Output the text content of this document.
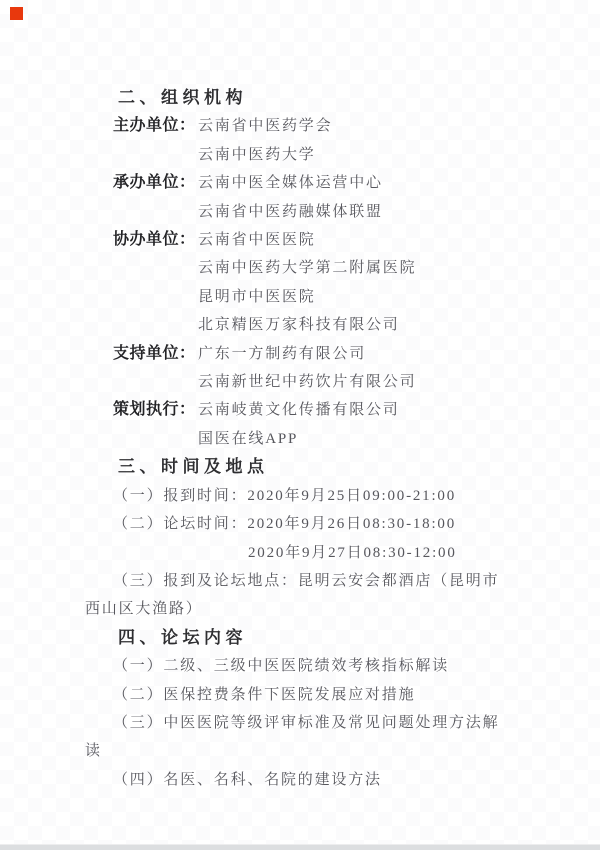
二、组织机构
主办单位： 云南省中医药学会
云南中医药大学
承办单位： 云南中医全媒体运营中心
云南省中医药融媒体联盟
协办单位： 云南省中医医院
云南中医药大学第二附属医院
昆明市中医医院
北京精医万家科技有限公司
支持单位： 广东一方制药有限公司
云南新世纪中药饮片有限公司
策划执行： 云南岐黄文化传播有限公司
国医在线APP
三、时间及地点
（一）报到时间：2020年9月25日09:00-21:00
（二）论坛时间：2020年9月26日08:30-18:00
2020年9月27日08:30-12:00
（三）报到及论坛地点：昆明云安会都酒店（昆明市西山区大渔路）
四、论坛内容
（一）二级、三级中医医院绩效考核指标解读
（二）医保控费条件下医院发展应对措施
（三）中医医院等级评审标准及常见问题处理方法解读
（四）名医、名科、名院的建设方法
